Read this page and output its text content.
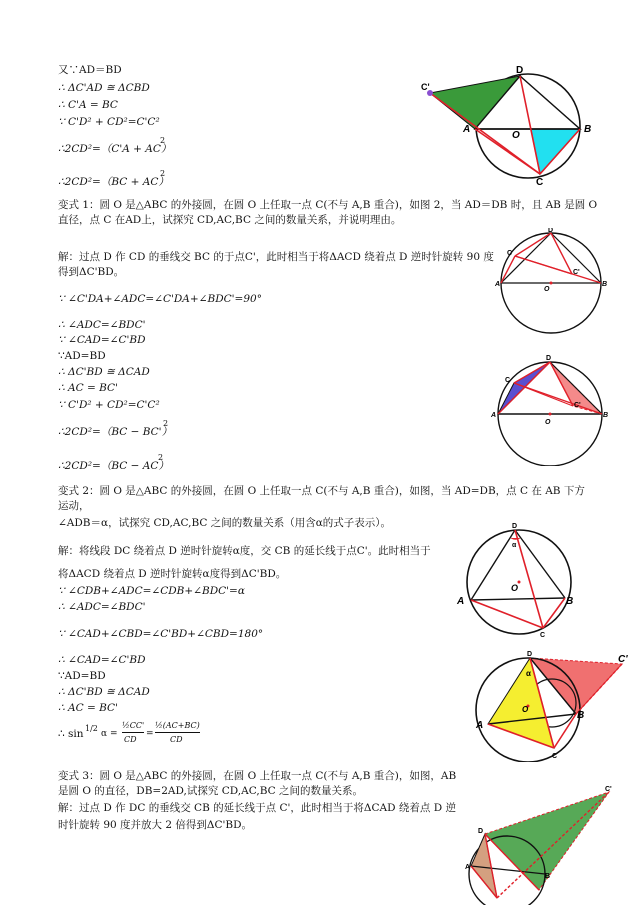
又∵AD＝BD
∴ ΔC'AD ≅ ΔCBD
∴ C'A = BC
∵ C'D² + CD²=C'C²
∴2CD²=（C'A + AC）
2
∴2CD²=（BC + AC）
2
C'
D
A	B
O
C
变式 1：圆 O 是△ABC 的外接圆，在圆 O 上任取一点 C(不与 A,B 重合)，如图 2，当 AD＝DB 时，且 AB 是圆 O
直径，点 C 在AD上，试探究 CD,AC,BC 之间的数量关系，并说明理由。
解：过点 D 作 CD 的垂线交 BC 的于点C'，此时相当于将ΔACD 绕着点 D 逆时针旋转 90 度
得到ΔC'BD。
∵ ∠C'DA+∠ADC=∠C'DA+∠BDC'=90°
∴ ∠ADC=∠BDC'
∵ ∠CAD=∠C'BD
∵AD=BD
∴ ΔC'BD ≅ ΔCAD
∴ AC = BC'
∵ C'D² + CD²=C'C²
∴2CD²=（BC − BC'）
2
∴2CD²=（BC − AC）
2
D
C
C'
A	B
O
D
C
C'
A	B
O
变式 2：圆 O 是△ABC 的外接圆，在圆 O 上任取一点 C(不与 A,B 重合)，如图，当 AD=DB，点 C 在 AB 下方
运动，
∠ADB＝α，试探究 CD,AC,BC 之间的数量关系（用含α的式子表示）。
解：将线段 DC 绕着点 D 逆时针旋转α度，交 CB 的延长线于点C'。此时相当于
将ΔACD 绕着点 D 逆时针旋转α度得到ΔC'BD。
∵ ∠CDB+∠ADC=∠CDB+∠BDC'=α
∴ ∠ADC=∠BDC'
∵ ∠CAD+∠CBD=∠C'BD+∠CBD=180°
∴ ∠CAD=∠C'BD
∵AD=BD
∴ ΔC'BD ≅ ΔCAD
∴ AC = BC'
∴ sin 1/2
α =
½CC'
CD
=
½(AC+BC)
CD
D
α
A	B
O
C
D
α
C'
A
B
O
C
变式 3：圆 O 是△ABC 的外接圆，在圆 O 上任取一点 C(不与 A,B 重合)，如图，AB
是圆 O 的直径，DB=2AD,试探究 CD,AC,BC 之间的数量关系。
解：过点 D 作 DC 的垂线交 CB 的延长线于点 C'，此时相当于将ΔCAD 绕着点 D 逆
时针旋转 90 度并放大 2 倍得到ΔC'BD。
D
C'
A
B
